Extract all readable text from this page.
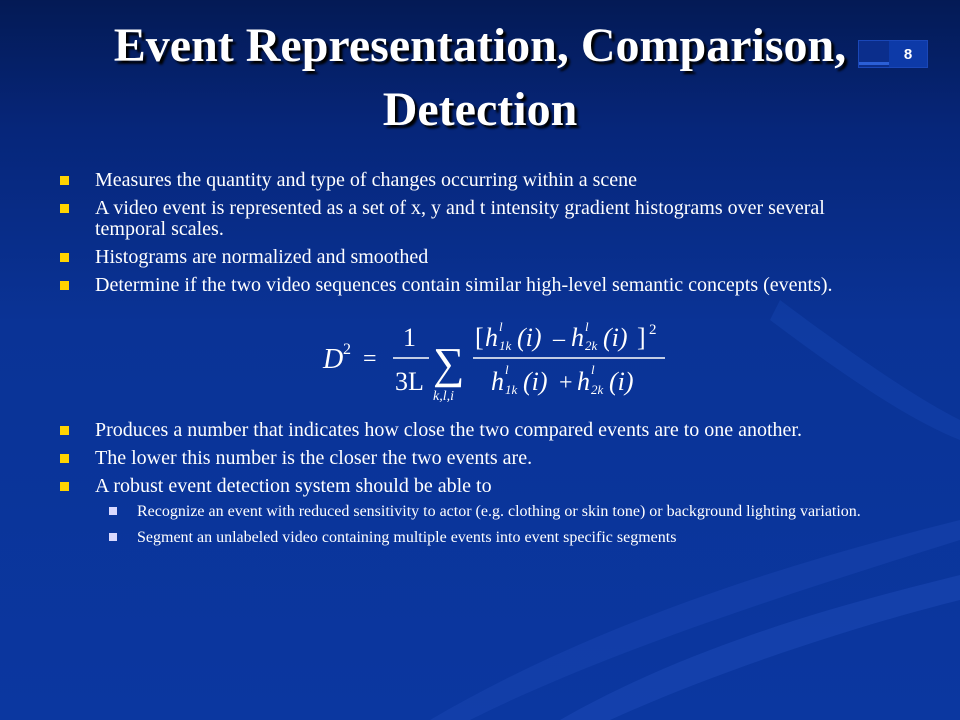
8
Event Representation, Comparison,
Detection
Measures the quantity and type of changes occurring within a scene
A video event is represented as a set of x, y and t intensity gradient histograms over several temporal scales.
Histograms are normalized and smoothed
Determine if the two video sequences contain similar high-level semantic concepts (events).
D 2 =
1
3L ∑
k,l,i
[ h l
1k (i) – h l
2k (i) ] 2
h l
1k (i) + h l
2k (i)
Produces a number that indicates how close the two compared events are to one another.
The lower this number is the closer the two events are.
A robust event detection system should be able to
Recognize an event with reduced sensitivity to actor (e.g. clothing or skin tone) or background lighting variation.
Segment an unlabeled video containing multiple events into event specific segments
